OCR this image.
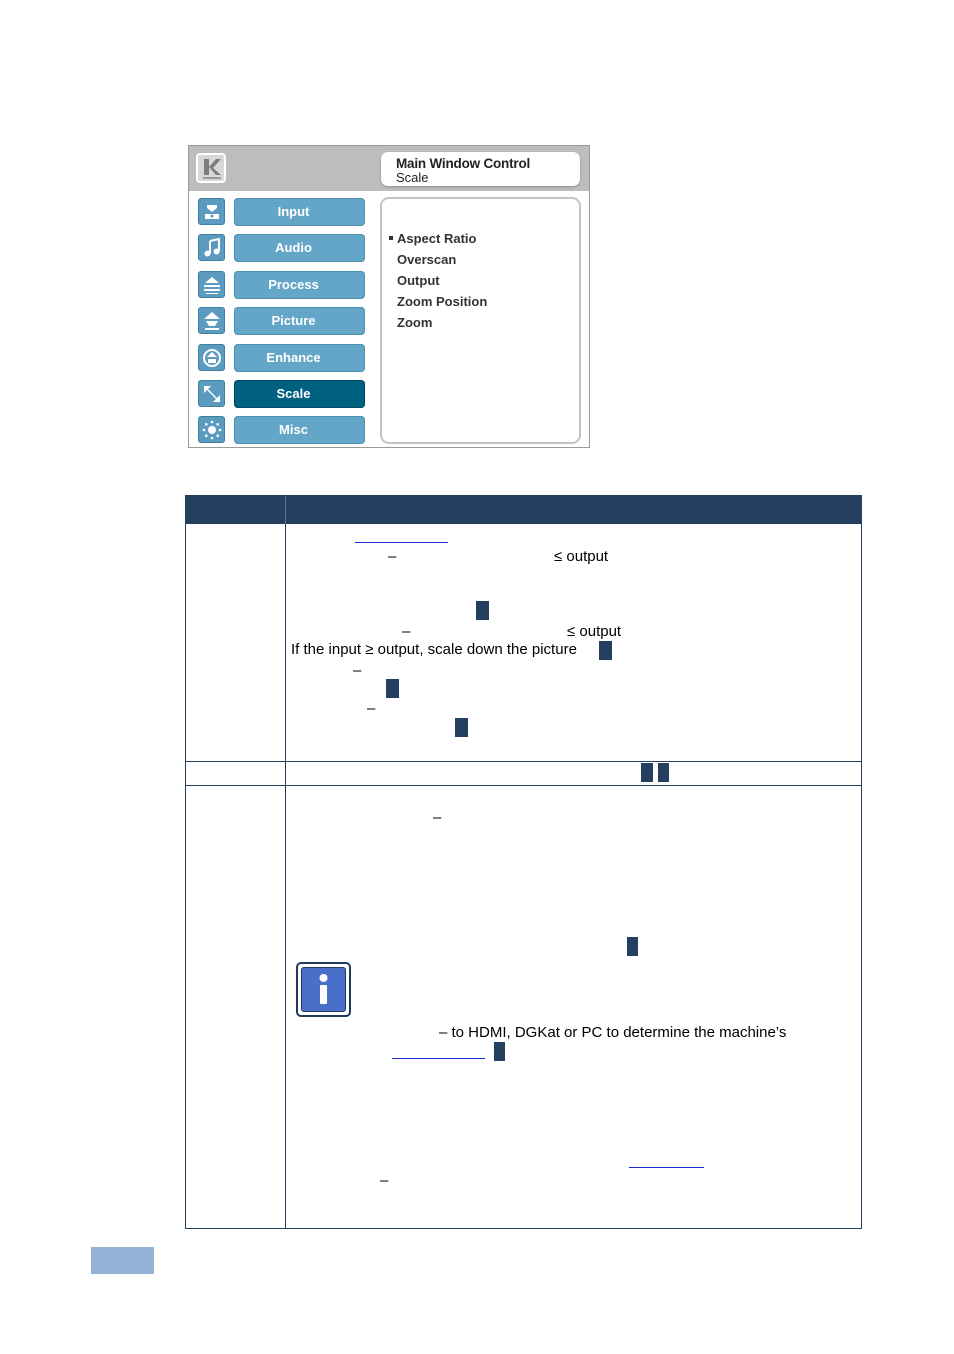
Main Window Control
Scale
Input
Audio
Process
Picture
Enhance
Scale
Misc
Aspect Ratio
Overscan
Output
Zoom Position
Zoom
–	≤ output
–	≤ output
If the input ≥ output, scale down the picture
–
–
–
– to HDMI, DGKat or PC to determine the machine’s
–
